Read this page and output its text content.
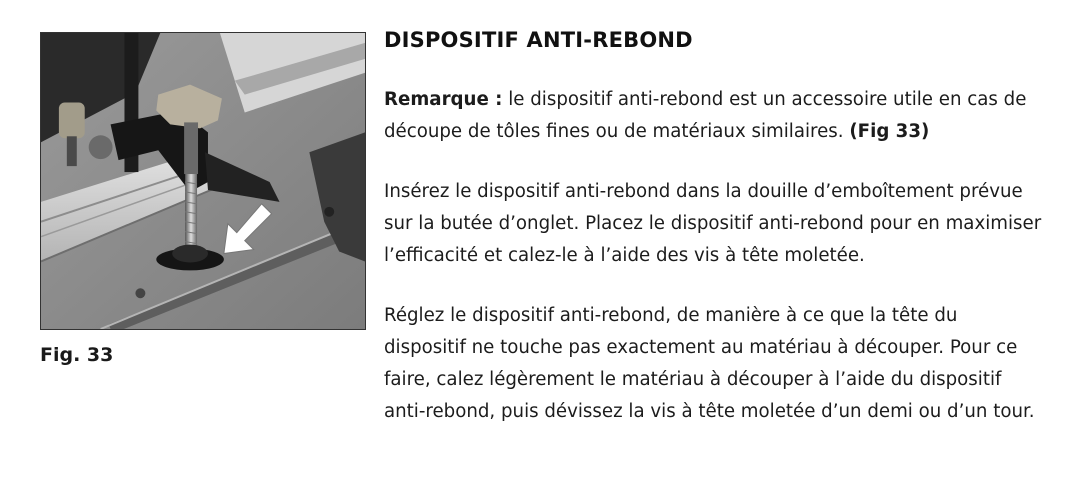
Fig. 33
DISPOSITIF ANTI-REBOND

Remarque : le dispositif anti-rebond est un accessoire utile en cas de découpe de tôles fines ou de matériaux similaires. (Fig 33)

Insérez le dispositif anti-rebond dans la douille d’emboîtement prévue sur la butée d’onglet. Placez le dispositif anti-rebond pour en maximiser l’efficacité et calez-le à l’aide des vis à tête moletée.

Réglez le dispositif anti-rebond, de manière à ce que la tête du dispositif ne touche pas exactement au matériau à découper. Pour ce faire, calez légèrement le matériau à découper à l’aide du dispositif anti-rebond, puis dévissez la vis à tête moletée d’un demi ou d’un tour.
